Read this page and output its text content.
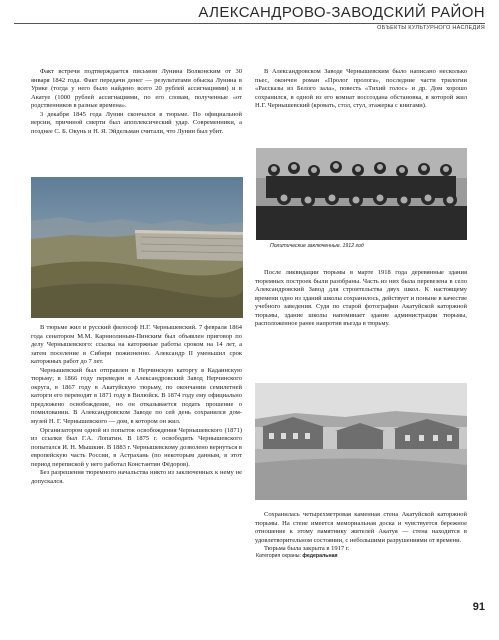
АЛЕКСАНДРОВО-ЗАВОДСКИЙ РАЙОН
ОБЪЕКТЫ КУЛЬТУРНОГО НАСЛЕДИЯ

Факт встречи подтверждается письмом Лунина Волконским от 30 января 1842 года. Факт передачи денег — результатами обыска Лунина в Урике (тогда у него было найдено всего 20 рублей ассигнациями) и в Акатуе (1000 рублей ассигнациями, по его словам, полученные «от родственников в разные времена».

3 декабря 1845 года Лунин скончался в тюрьме. По официальной версии, причиной смерти был апоплексический удар. Современники, а позднее С. Б. Окунь и Н. Я. Эйдельман считали, что Лунин был убит.

В тюрьме жил и русский философ Н.Г. Чернышевский. 7 февраля 1864 года сенатором М.М. Карниолиным-Пинским был объявлен приговор по делу Чернышевского: ссылка на каторжные работы сроком на 14 лет, а затем поселение в Сибири пожизненно. Александр II уменьшил срок каторжных работ до 7 лет.

Чернышевский был отправлен в Нерчинскую каторгу в Кадаинскую тюрьму; в 1866 году переведен в Александровский Завод Нерчинского округа, в 1867 году в Акатуйскую тюрьму, по окончании семилетней каторги его переводят в 1871 году в Вилюйск. В 1874 году ему официально предложено освобождение, но он отказывается подать прошение о помиловании. В Александровском Заводе по сей день сохранился дом-музей Н. Г. Чернышевского — дом, в котором он жил.

Организатором одной из попыток освобождения Чернышевского (1871) из ссылки был Г.А. Лопатин. В 1875 г. освободить Чернышевского попытался И. Н. Мышкин. В 1883 г. Чернышевскому дозволено вернуться в европейскую часть России, в Астрахань (по некоторым данным, в этот период перепиской у него работал Константин Фёдоров).

Без разрешения тюремного начальства никто из заключенных к нему не допускался.

В Александровском Заводе Чернышевским было написано несколько пьес, окончен роман «Пролог пролога», последние части трилогии «Рассказы из Белого зала», повесть «Тихий голос» и др. Дом хорошо сохранился, в одной из его комнат воссоздана обстановка, в которой жил Н.Г. Чернышевский (кровать, стол, стул, этажерка с книгами).

Политические заключенные. 1912 год

После ликвидации тюрьмы в марте 1918 года деревянные здания тюремных построек были разобраны. Часть из них была перевезена в село Александровский Завод для строительства двух школ. К настоящему времени одно из зданий школы сохранилось, действует и поныне в качестве учебного заведения. Судя по старой фотографии Акатуйской каторжной тюрьмы, здание школы напоминает здание администрации тюрьмы, расположенное ранее напротив въезда в тюрьму.

Сохранилась четырехметровая каменная стена Акатуйской каторжной тюрьмы. На стене имеется мемориальная доска и чувствуется бережное отношение к этому памятнику жителей Акатуя — стена находится в удовлетворительном состоянии, с небольшими разрушениями от времени.

Тюрьма была закрыта в 1917 г.

Категория охраны: федеральная
91
